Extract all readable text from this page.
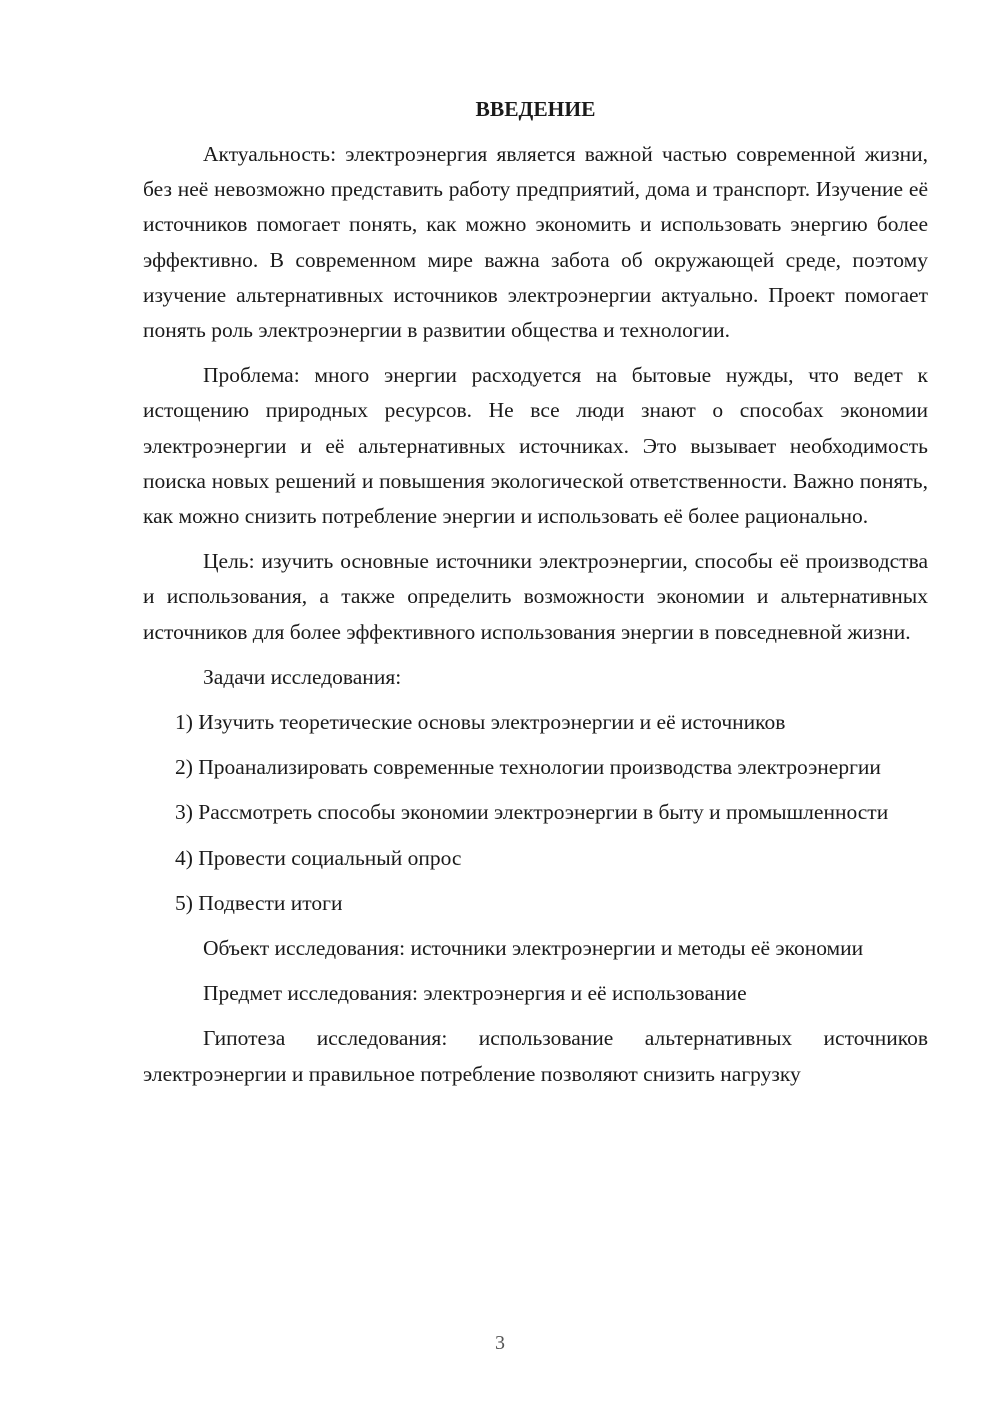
ВВЕДЕНИЕ

Актуальность: электроэнергия является важной частью современной жизни, без неё невозможно представить работу предприятий, дома и транспорт. Изучение её источников помогает понять, как можно экономить и использовать энергию более эффективно. В современном мире важна забота об окружающей среде, поэтому изучение альтернативных источников электроэнергии актуально. Проект помогает понять роль электроэнергии в развитии общества и технологии.

Проблема: много энергии расходуется на бытовые нужды, что ведет к истощению природных ресурсов. Не все люди знают о способах экономии электроэнергии и её альтернативных источниках. Это вызывает необходимость поиска новых решений и повышения экологической ответственности. Важно понять, как можно снизить потребление энергии и использовать её более рационально.

Цель: изучить основные источники электроэнергии, способы её производства и использования, а также определить возможности экономии и альтернативных источников для более эффективного использования энергии в повседневной жизни.

Задачи исследования:

1) Изучить теоретические основы электроэнергии и её источников

2) Проанализировать современные технологии производства электроэнергии

3) Рассмотреть способы экономии электроэнергии в быту и промышленности

4) Провести социальный опрос

5) Подвести итоги

Объект исследования: источники электроэнергии и методы её экономии

Предмет исследования: электроэнергия и её использование

Гипотеза исследования: использование альтернативных источников электроэнергии и правильное потребление позволяют снизить нагрузку

3
